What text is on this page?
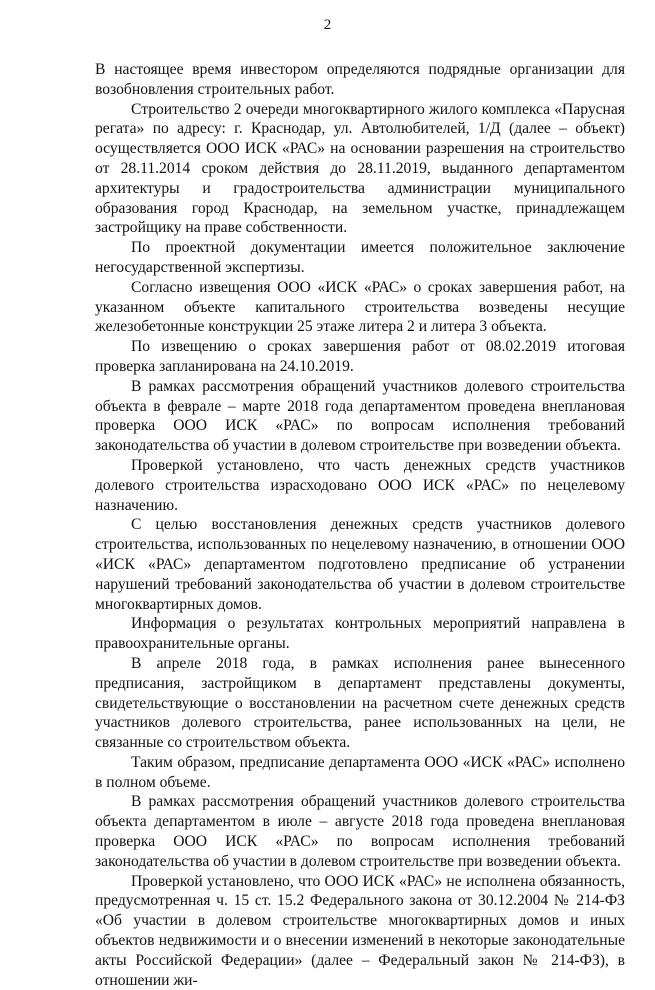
2

В настоящее время инвестором определяются подрядные организации для возобновления строительных работ.

Строительство 2 очереди многоквартирного жилого комплекса «Парусная регата» по адресу: г. Краснодар, ул. Автолюбителей, 1/Д (далее – объект) осуществляется ООО ИСК «РАС» на основании разрешения на строительство от 28.11.2014 сроком действия до 28.11.2019, выданного департаментом архитектуры и градостроительства администрации муниципального образования город Краснодар, на земельном участке, принадлежащем застройщику на праве собственности.

По проектной документации имеется положительное заключение негосударственной экспертизы.

Согласно извещения ООО «ИСК «РАС» о сроках завершения работ, на указанном объекте капитального строительства возведены несущие железобетонные конструкции 25 этаже литера 2 и литера 3 объекта.

По извещению о сроках завершения работ от 08.02.2019 итоговая проверка запланирована на 24.10.2019.

В рамках рассмотрения обращений участников долевого строительства объекта в феврале – марте 2018 года департаментом проведена внеплановая проверка ООО ИСК «РАС» по вопросам исполнения требований законодательства об участии в долевом строительстве при возведении объекта.

Проверкой установлено, что часть денежных средств участников долевого строительства израсходовано ООО ИСК «РАС» по нецелевому назначению.

С целью восстановления денежных средств участников долевого строительства, использованных по нецелевому назначению, в отношении ООО «ИСК «РАС» департаментом подготовлено предписание об устранении нарушений требований законодательства об участии в долевом строительстве многоквартирных домов.

Информация о результатах контрольных мероприятий направлена в правоохранительные органы.

В апреле 2018 года, в рамках исполнения ранее вынесенного предписания, застройщиком в департамент представлены документы, свидетельствующие о восстановлении на расчетном счете денежных средств участников долевого строительства, ранее использованных на цели, не связанные со строительством объекта.

Таким образом, предписание департамента ООО «ИСК «РАС» исполнено в полном объеме.

В рамках рассмотрения обращений участников долевого строительства объекта департаментом в июле – августе 2018 года проведена внеплановая проверка ООО ИСК «РАС» по вопросам исполнения требований законодательства об участии в долевом строительстве при возведении объекта.

Проверкой установлено, что ООО ИСК «РАС» не исполнена обязанность, предусмотренная ч. 15 ст. 15.2 Федерального закона от 30.12.2004 № 214-ФЗ «Об участии в долевом строительстве многоквартирных домов и иных объектов недвижимости и о внесении изменений в некоторые законодательные акты Российской Федерации» (далее – Федеральный закон № 214-ФЗ), в отношении жи-
